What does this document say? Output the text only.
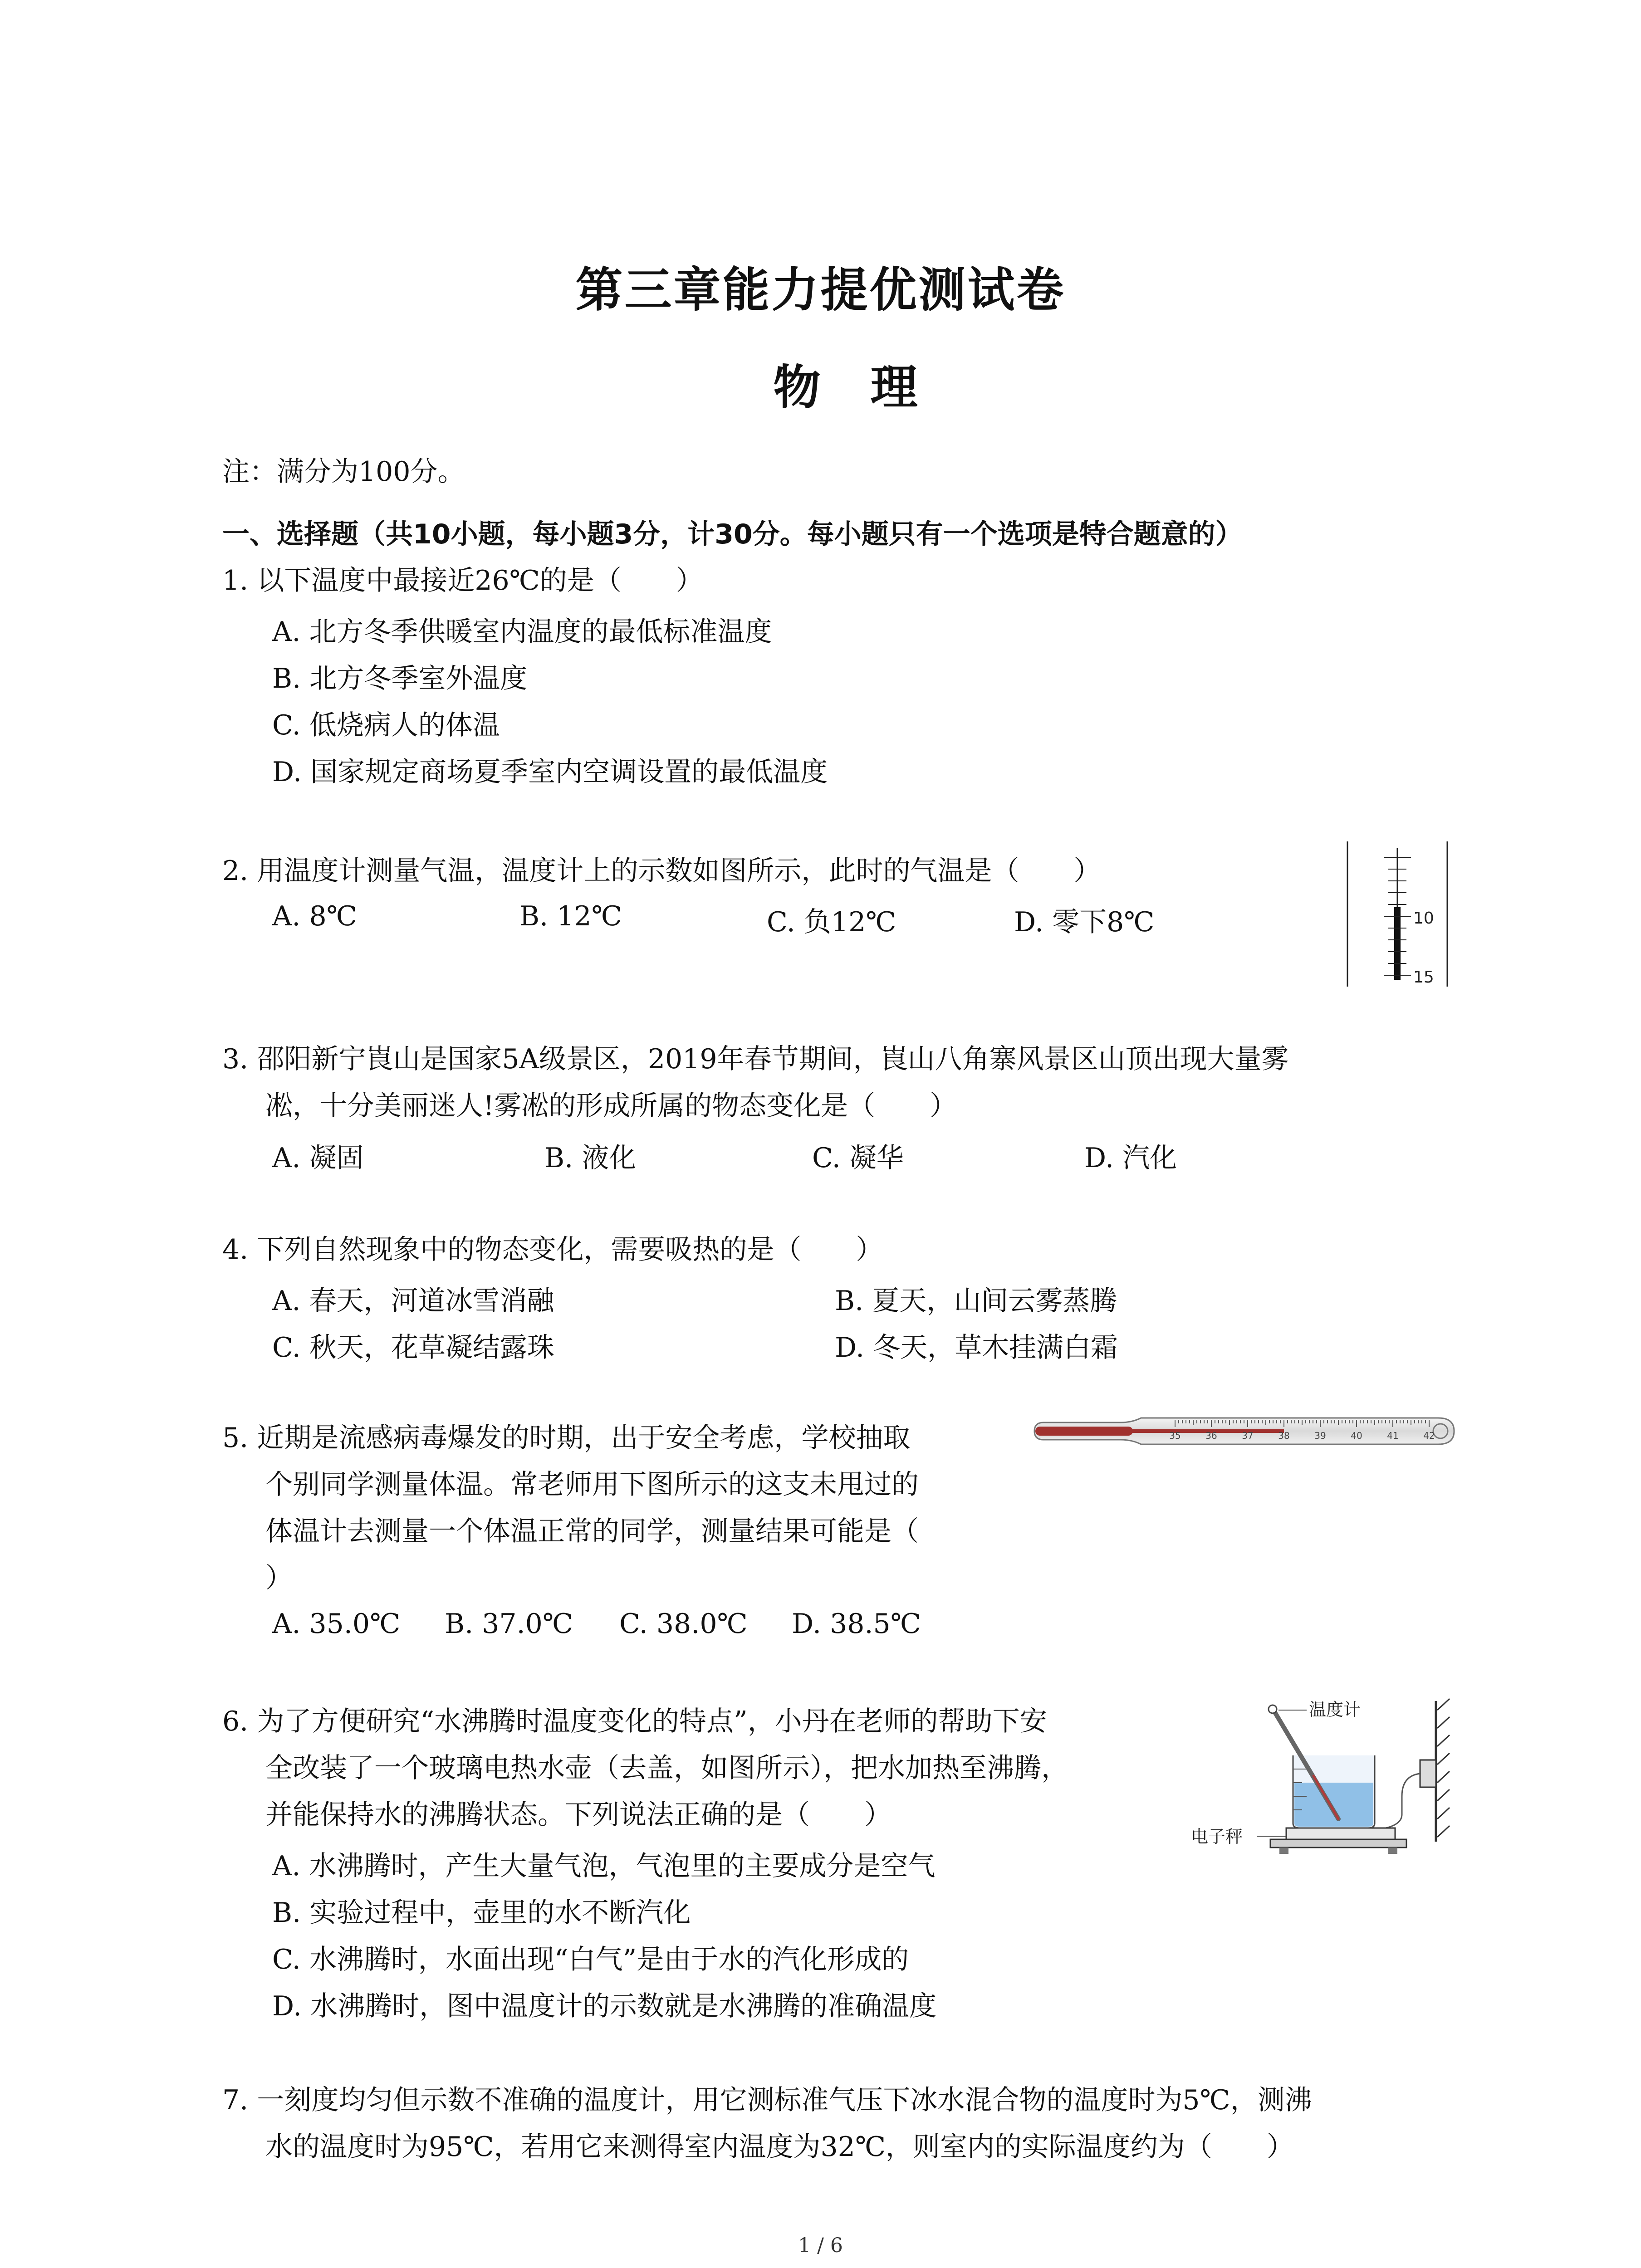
第三章能力提优测试卷
物理
注：满分为100分。
一、选择题（共10小题，每小题3分，计30分。每小题只有一个选项是特合题意的）
1. 以下温度中最接近26℃的是（　　）
A. 北方冬季供暖室内温度的最低标准温度
B. 北方冬季室外温度
C. 低烧病人的体温
D. 国家规定商场夏季室内空调设置的最低温度
2. 用温度计测量气温，温度计上的示数如图所示，此时的气温是（　　）
A. 8℃	B. 12℃	C. 负12℃	D. 零下8℃	10
15
3. 邵阳新宁崀山是国家5A级景区，2019年春节期间，崀山八角寨风景区山顶出现大量雾
凇，十分美丽迷人!雾凇的形成所属的物态变化是（　　）
A. 凝固	B. 液化	C. 凝华	D. 汽化
4. 下列自然现象中的物态变化，需要吸热的是（　　）
A. 春天，河道冰雪消融	B. 夏天，山间云雾蒸腾
C. 秋天，花草凝结露珠	D. 冬天，草木挂满白霜
5. 近期是流感病毒爆发的时期，出于安全考虑，学校抽取
个别同学测量体温。常老师用下图所示的这支未甩过的
体温计去测量一个体温正常的同学，测量结果可能是（
）
A. 35.0℃ B. 37.0℃ C. 38.0℃ D. 38.5℃
35	36	37	38	39	40	41	42
6. 为了方便研究“水沸腾时温度变化的特点”，小丹在老师的帮助下安
全改装了一个玻璃电热水壶（去盖，如图所示），把水加热至沸腾，
并能保持水的沸腾状态。下列说法正确的是（　　）
A. 水沸腾时，产生大量气泡，气泡里的主要成分是空气
B. 实验过程中，壶里的水不断汽化
C. 水沸腾时，水面出现“白气”是由于水的汽化形成的
D. 水沸腾时，图中温度计的示数就是水沸腾的准确温度
温度计
电子秤
7. 一刻度均匀但示数不准确的温度计，用它测标准气压下冰水混合物的温度时为5℃，测沸
水的温度时为95℃，若用它来测得室内温度为32℃，则室内的实际温度约为（　　）
1 / 6
